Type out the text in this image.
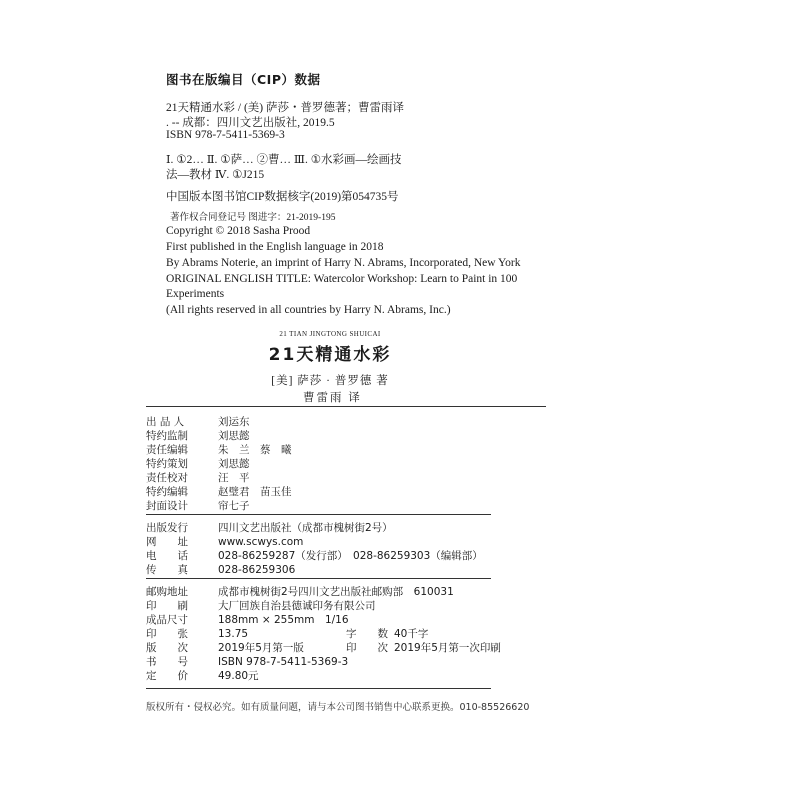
图书在版编目（CIP）数据
21天精通水彩 / (美) 萨莎・普罗德著；曹雷雨译
. -- 成都：四川文艺出版社, 2019.5
ISBN 978-7-5411-5369-3
Ⅰ. ①2… Ⅱ. ①萨… ②曹… Ⅲ. ①水彩画—绘画技
法—教材 Ⅳ. ①J215
中国版本图书馆CIP数据核字(2019)第054735号
著作权合同登记号 图进字：21-2019-195
Copyright © 2018 Sasha Prood
First published in the English language in 2018
By Abrams Noterie, an imprint of Harry N. Abrams, Incorporated, New York
ORIGINAL ENGLISH TITLE: Watercolor Workshop: Learn to Paint in 100
Experiments
(All rights reserved in all countries by Harry N. Abrams, Inc.)
21 TIAN JINGTONG SHUICAI
21天精通水彩
[美] 萨莎 · 普罗德 著
曹雷雨 译
出 品 人	刘运东
特约监制	刘思懿
责任编辑	朱　兰　蔡　曦
特约策划	刘思懿
责任校对	汪　平
特约编辑	赵璧君　苗玉佳
封面设计	帘七子
出版发行	四川文艺出版社（成都市槐树街2号）
网　　址	www.scwys.com
电　　话	028-86259287（发行部）　028-86259303（编辑部）
传　　真	028-86259306
邮购地址	成都市槐树街2号四川文艺出版社邮购部　610031
印　　刷	大厂回族自治县德诚印务有限公司
成品尺寸	188mm × 255mm　1/16
印　　张	13.75	字　　数 40千字
版　　次	2019年5月第一版	印　　次 2019年5月第一次印刷
书　　号	ISBN 978-7-5411-5369-3
定　　价	49.80元
版权所有・侵权必究。如有质量问题，请与本公司图书销售中心联系更换。010-85526620
